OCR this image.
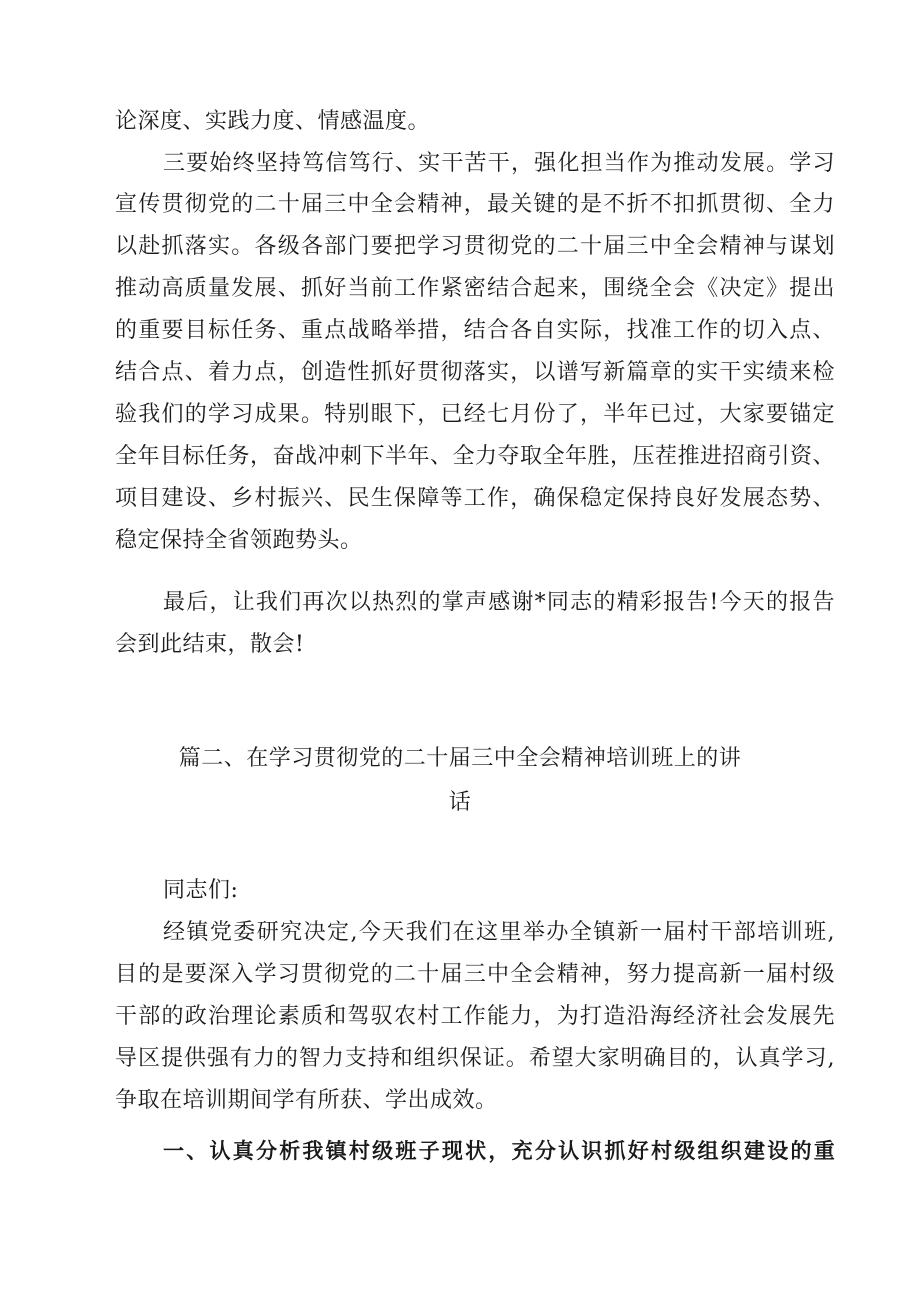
论深度、实践力度、情感温度。
三要始终坚持笃信笃行、实干苦干，强化担当作为推动发展。学习
宣传贯彻党的二十届三中全会精神，最关键的是不折不扣抓贯彻、全力
以赴抓落实。各级各部门要把学习贯彻党的二十届三中全会精神与谋划
推动高质量发展、抓好当前工作紧密结合起来，围绕全会《决定》提出
的重要目标任务、重点战略举措，结合各自实际，找准工作的切入点、
结合点、着力点，创造性抓好贯彻落实，以谱写新篇章的实干实绩来检
验我们的学习成果。特别眼下，已经七月份了，半年已过，大家要锚定
全年目标任务，奋战冲刺下半年、全力夺取全年胜，压茬推进招商引资、
项目建设、乡村振兴、民生保障等工作，确保稳定保持良好发展态势、
稳定保持全省领跑势头。
最后，让我们再次以热烈的掌声感谢*同志的精彩报告!今天的报告
会到此结束，散会!
篇二、在学习贯彻党的二十届三中全会精神培训班上的讲
话
同志们:
经镇党委研究决定,今天我们在这里举办全镇新一届村干部培训班,
目的是要深入学习贯彻党的二十届三中全会精神，努力提高新一届村级
干部的政治理论素质和驾驭农村工作能力，为打造沿海经济社会发展先
导区提供强有力的智力支持和组织保证。希望大家明确目的，认真学习,
争取在培训期间学有所获、学出成效。
一、认真分析我镇村级班子现状，充分认识抓好村级组织建设的重
